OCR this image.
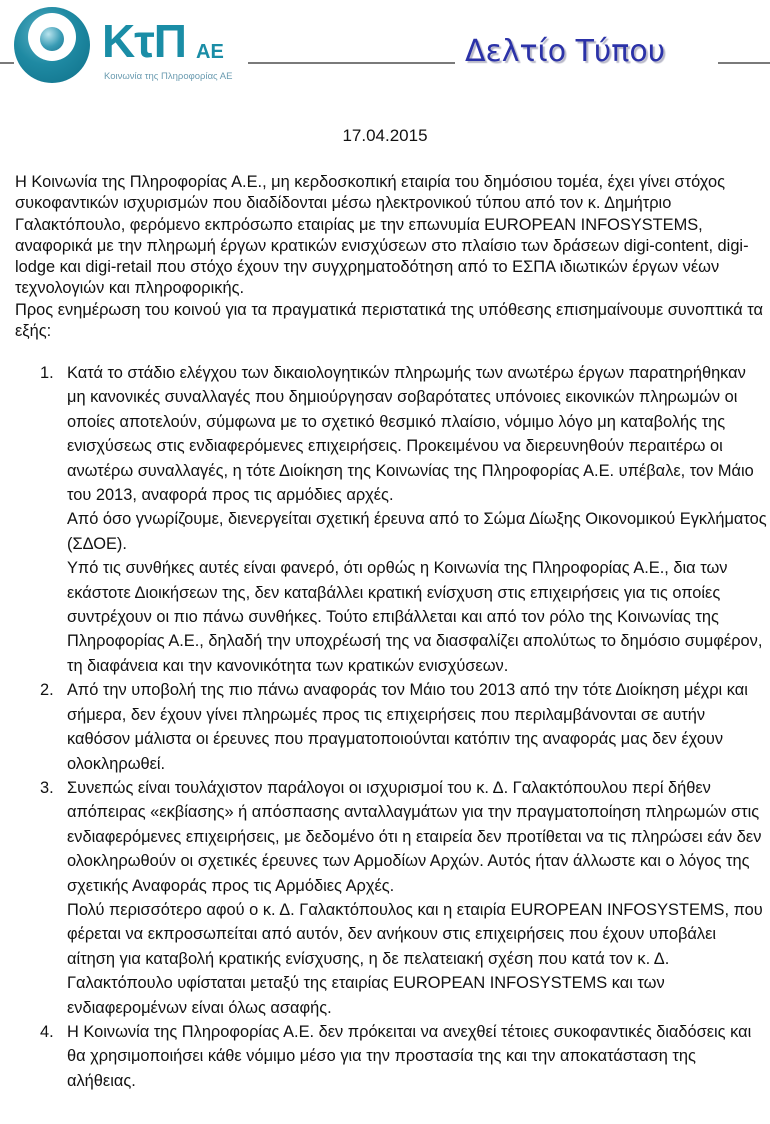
ΚτΠ ΑΕ
Κοινωνία της Πληροφορίας ΑΕ
Δελτίο Τύπου
17.04.2015

Η Κοινωνία της Πληροφορίας Α.Ε., μη κερδοσκοπική εταιρία του δημόσιου τομέα, έχει γίνει στόχος συκοφαντικών ισχυρισμών που διαδίδονται μέσω ηλεκτρονικού τύπου από τον κ. Δημήτριο Γαλακτόπουλο, φερόμενο εκπρόσωπο εταιρίας με την επωνυμία EUROPEAN INFOSYSTEMS, αναφορικά με την πληρωμή έργων κρατικών ενισχύσεων στο πλαίσιο των δράσεων digi-content, digi-lodge και digi-retail που στόχο έχουν την συγχρηματοδότηση από το ΕΣΠΑ ιδιωτικών έργων νέων τεχνολογιών και πληροφορικής.

Προς ενημέρωση του κοινού για τα πραγματικά περιστατικά της υπόθεσης επισημαίνουμε συνοπτικά τα εξής:

1. Κατά το στάδιο ελέγχου των δικαιολογητικών πληρωμής των ανωτέρω έργων παρατηρήθηκαν μη κανονικές συναλλαγές που δημιούργησαν σοβαρότατες υπόνοιες εικονικών πληρωμών οι οποίες αποτελούν, σύμφωνα με το σχετικό θεσμικό πλαίσιο, νόμιμο λόγο μη καταβολής της ενισχύσεως στις ενδιαφερόμενες επιχειρήσεις. Προκειμένου να διερευνηθούν περαιτέρω οι ανωτέρω συναλλαγές, η τότε Διοίκηση της Κοινωνίας της Πληροφορίας Α.Ε. υπέβαλε, τον Μάιο του 2013, αναφορά προς τις αρμόδιες αρχές.

Από όσο γνωρίζουμε, διενεργείται σχετική έρευνα από το Σώμα Δίωξης Οικονομικού Εγκλήματος (ΣΔΟΕ).

Υπό τις συνθήκες αυτές είναι φανερό, ότι ορθώς η Κοινωνία της Πληροφορίας Α.Ε., δια των εκάστοτε Διοικήσεων της, δεν καταβάλλει κρατική ενίσχυση στις επιχειρήσεις για τις οποίες συντρέχουν οι πιο πάνω συνθήκες. Τούτο επιβάλλεται και από τον ρόλο της Κοινωνίας της Πληροφορίας Α.Ε., δηλαδή την υποχρέωσή της να διασφαλίζει απολύτως το δημόσιο συμφέρον, τη διαφάνεια και την κανονικότητα των κρατικών ενισχύσεων.

2. Από την υποβολή της πιο πάνω αναφοράς τον Μάιο του 2013 από την τότε Διοίκηση μέχρι και σήμερα, δεν έχουν γίνει πληρωμές προς τις επιχειρήσεις που περιλαμβάνονται σε αυτήν καθόσον μάλιστα οι έρευνες που πραγματοποιούνται κατόπιν της αναφοράς μας δεν έχουν ολοκληρωθεί.

3. Συνεπώς είναι τουλάχιστον παράλογοι οι ισχυρισμοί του κ. Δ. Γαλακτόπουλου περί δήθεν απόπειρας «εκβίασης» ή απόσπασης ανταλλαγμάτων για την πραγματοποίηση πληρωμών στις ενδιαφερόμενες επιχειρήσεις, με δεδομένο ότι η εταιρεία δεν προτίθεται να τις πληρώσει εάν δεν ολοκληρωθούν οι σχετικές έρευνες των Αρμοδίων Αρχών. Αυτός ήταν άλλωστε και ο λόγος της σχετικής Αναφοράς προς τις Αρμόδιες Αρχές.

Πολύ περισσότερο αφού ο κ. Δ. Γαλακτόπουλος και η εταιρία EUROPEAN INFOSYSTEMS, που φέρεται να εκπροσωπείται από αυτόν, δεν ανήκουν στις επιχειρήσεις που έχουν υποβάλει αίτηση για καταβολή κρατικής ενίσχυσης, η δε πελατειακή σχέση που κατά τον κ. Δ. Γαλακτόπουλο υφίσταται μεταξύ της εταιρίας EUROPEAN INFOSYSTEMS και των ενδιαφερομένων είναι όλως ασαφής.

4. Η Κοινωνία της Πληροφορίας Α.Ε. δεν πρόκειται να ανεχθεί τέτοιες συκοφαντικές διαδόσεις και θα χρησιμοποιήσει κάθε νόμιμο μέσο για την προστασία της και την αποκατάσταση της αλήθειας.
